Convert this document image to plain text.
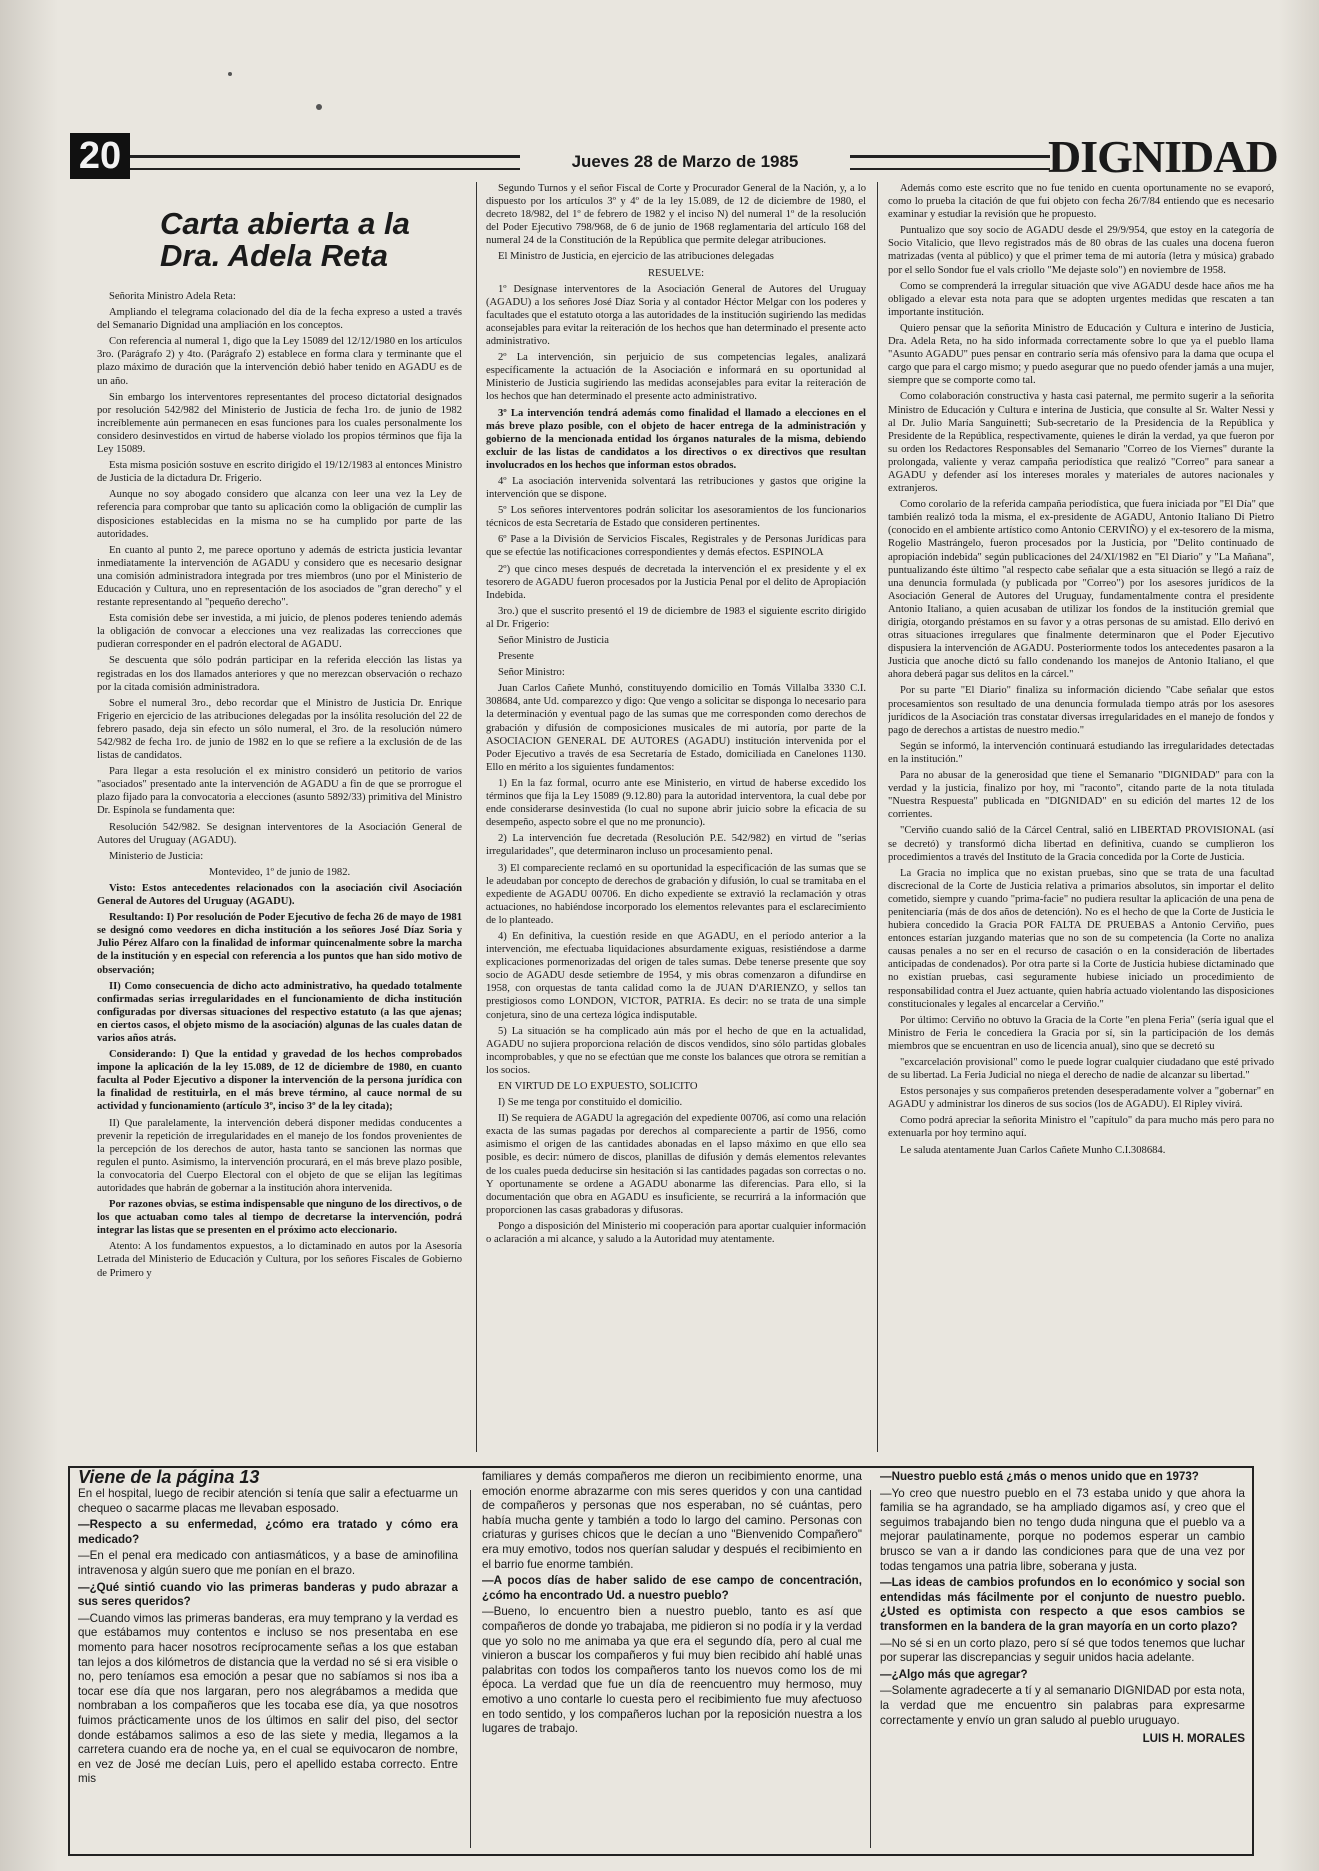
20	Jueves 28 de Marzo de 1985	DIGNIDAD
Carta abierta a la Dra. Adela Reta

Señorita Ministro Adela Reta:

Ampliando el telegrama colacionado del día de la fecha expreso a usted a través del Semanario Dignidad una ampliación en los conceptos.

Con referencia al numeral 1, digo que la Ley 15089 del 12/12/1980 en los artículos 3ro. (Parágrafo 2) y 4to. (Parágrafo 2) establece en forma clara y terminante que el plazo máximo de duración que la intervención debió haber tenido en AGADU es de un año.

Sin embargo los interventores representantes del proceso dictatorial designados por resolución 542/982 del Ministerio de Justicia de fecha 1ro. de junio de 1982 increíblemente aún permanecen en esas funciones para los cuales personalmente los considero desinvestidos en virtud de haberse violado los propios términos que fija la Ley 15089.

Esta misma posición sostuve en escrito dirigido el 19/12/1983 al entonces Ministro de Justicia de la dictadura Dr. Frigerio.

Aunque no soy abogado considero que alcanza con leer una vez la Ley de referencia para comprobar que tanto su aplicación como la obligación de cumplir las disposiciones establecidas en la misma no se ha cumplido por parte de las autoridades.

En cuanto al punto 2, me parece oportuno y además de estricta justicia levantar inmediatamente la intervención de AGADU y considero que es necesario designar una comisión administradora integrada por tres miembros (uno por el Ministerio de Educación y Cultura, uno en representación de los asociados de "gran derecho" y el restante representando al "pequeño derecho".

Esta comisión debe ser investida, a mi juicio, de plenos poderes teniendo además la obligación de convocar a elecciones una vez realizadas las correcciones que pudieran corresponder en el padrón electoral de AGADU.

Se descuenta que sólo podrán participar en la referida elección las listas ya registradas en los dos llamados anteriores y que no merezcan observación o rechazo por la citada comisión administradora.

Sobre el numeral 3ro., debo recordar que el Ministro de Justicia Dr. Enrique Frigerio en ejercicio de las atribuciones delegadas por la insólita resolución del 22 de febrero pasado, deja sin efecto un sólo numeral, el 3ro. de la resolución número 542/982 de fecha 1ro. de junio de 1982 en lo que se refiere a la exclusión de de las listas de candidatos.

Para llegar a esta resolución el ex ministro consideró un petitorio de varios "asociados" presentado ante la intervención de AGADU a fin de que se prorrogue el plazo fijado para la convocatoria a elecciones (asunto 5892/33) primitiva del Ministro Dr. Espínola se fundamenta que:

Resolución 542/982. Se designan interventores de la Asociación General de Autores del Uruguay (AGADU).

Ministerio de Justicia:

Montevideo, 1º de junio de 1982.

Visto: Estos antecedentes relacionados con la asociación civil Asociación General de Autores del Uruguay (AGADU).

Resultando: I) Por resolución de Poder Ejecutivo de fecha 26 de mayo de 1981 se designó como veedores en dicha institución a los señores José Díaz Soria y Julio Pérez Alfaro con la finalidad de informar quincenalmente sobre la marcha de la institución y en especial con referencia a los puntos que han sido motivo de observación;

II) Como consecuencia de dicho acto administrativo, ha quedado totalmente confirmadas serias irregularidades en el funcionamiento de dicha institución configuradas por diversas situaciones del respectivo estatuto (a las que ajenas; en ciertos casos, el objeto mismo de la asociación) algunas de las cuales datan de varios años atrás.

Considerando: I) Que la entidad y gravedad de los hechos comprobados impone la aplicación de la ley 15.089, de 12 de diciembre de 1980, en cuanto faculta al Poder Ejecutivo a disponer la intervención de la persona jurídica con la finalidad de restituirla, en el más breve término, al cauce normal de su actividad y funcionamiento (artículo 3º, inciso 3º de la ley citada);

II) Que paralelamente, la intervención deberá disponer medidas conducentes a prevenir la repetición de irregularidades en el manejo de los fondos provenientes de la percepción de los derechos de autor, hasta tanto se sancionen las normas que regulen el punto. Asimismo, la intervención procurará, en el más breve plazo posible, la convocatoria del Cuerpo Electoral con el objeto de que se elijan las legítimas autoridades que habrán de gobernar a la institución ahora intervenida.

Por razones obvias, se estima indispensable que ninguno de los directivos, o de los que actuaban como tales al tiempo de decretarse la intervención, podrá integrar las listas que se presenten en el próximo acto eleccionario.

Atento: A los fundamentos expuestos, a lo dictaminado en autos por la Asesoría Letrada del Ministerio de Educación y Cultura, por los señores Fiscales de Gobierno de Primero y

Segundo Turnos y el señor Fiscal de Corte y Procurador General de la Nación, y, a lo dispuesto por los artículos 3º y 4º de la ley 15.089, de 12 de diciembre de 1980, el decreto 18/982, del 1º de febrero de 1982 y el inciso N) del numeral 1º de la resolución del Poder Ejecutivo 798/968, de 6 de junio de 1968 reglamentaria del artículo 168 del numeral 24 de la Constitución de la República que permite delegar atribuciones.

El Ministro de Justicia, en ejercicio de las atribuciones delegadas

RESUELVE:

1º Desígnase interventores de la Asociación General de Autores del Uruguay (AGADU) a los señores José Díaz Soria y al contador Héctor Melgar con los poderes y facultades que el estatuto otorga a las autoridades de la institución sugiriendo las medidas aconsejables para evitar la reiteración de los hechos que han determinado el presente acto administrativo.

2º La intervención, sin perjuicio de sus competencias legales, analizará específicamente la actuación de la Asociación e informará en su oportunidad al Ministerio de Justicia sugiriendo las medidas aconsejables para evitar la reiteración de los hechos que han determinado el presente acto administrativo.

3º La intervención tendrá además como finalidad el llamado a elecciones en el más breve plazo posible, con el objeto de hacer entrega de la administración y gobierno de la mencionada entidad los órganos naturales de la misma, debiendo excluir de las listas de candidatos a los directivos o ex directivos que resultan involucrados en los hechos que informan estos obrados.

4º La asociación intervenida solventará las retribuciones y gastos que origine la intervención que se dispone.

5º Los señores interventores podrán solicitar los asesoramientos de los funcionarios técnicos de esta Secretaría de Estado que consideren pertinentes.

6º Pase a la División de Servicios Fiscales, Registrales y de Personas Jurídicas para que se efectúe las notificaciones correspondientes y demás efectos. ESPINOLA

2º) que cinco meses después de decretada la intervención el ex presidente y el ex tesorero de AGADU fueron procesados por la Justicia Penal por el delito de Apropiación Indebida.

3ro.) que el suscrito presentó el 19 de diciembre de 1983 el siguiente escrito dirigido al Dr. Frigerio:

Señor Ministro de Justicia

Presente

Señor Ministro:

Juan Carlos Cañete Munhó, constituyendo domicilio en Tomás Villalba 3330 C.I. 308684, ante Ud. comparezco y digo: Que vengo a solicitar se disponga lo necesario para la determinación y eventual pago de las sumas que me corresponden como derechos de grabación y difusión de composiciones musicales de mi autoría, por parte de la ASOCIACION GENERAL DE AUTORES (AGADU) institución intervenida por el Poder Ejecutivo a través de esa Secretaría de Estado, domiciliada en Canelones 1130. Ello en mérito a los siguientes fundamentos:

1) En la faz formal, ocurro ante ese Ministerio, en virtud de haberse excedido los términos que fija la Ley 15089 (9.12.80) para la autoridad interventora, la cual debe por ende considerarse desinvestida (lo cual no supone abrir juicio sobre la eficacia de su desempeño, aspecto sobre el que no me pronuncio).

2) La intervención fue decretada (Resolución P.E. 542/982) en virtud de "serias irregularidades", que determinaron incluso un procesamiento penal.

3) El compareciente reclamó en su oportunidad la especificación de las sumas que se le adeudaban por concepto de derechos de grabación y difusión, lo cual se tramitaba en el expediente de AGADU 00706. En dicho expediente se extravió la reclamación y otras actuaciones, no habiéndose incorporado los elementos relevantes para el esclarecimiento de lo planteado.

4) En definitiva, la cuestión reside en que AGADU, en el período anterior a la intervención, me efectuaba liquidaciones absurdamente exiguas, resistiéndose a darme explicaciones pormenorizadas del origen de tales sumas. Debe tenerse presente que soy socio de AGADU desde setiembre de 1954, y mis obras comenzaron a difundirse en 1958, con orquestas de tanta calidad como la de JUAN D'ARIENZO, y sellos tan prestigiosos como LONDON, VICTOR, PATRIA. Es decir: no se trata de una simple conjetura, sino de una certeza lógica indisputable.

5) La situación se ha complicado aún más por el hecho de que en la actualidad, AGADU no sujiera proporciona relación de discos vendidos, sino sólo partidas globales incomprobables, y que no se efectúan que me conste los balances que otrora se remitían a los socios.

EN VIRTUD DE LO EXPUESTO, SOLICITO

I) Se me tenga por constituido el domicilio.

II) Se requiera de AGADU la agregación del expediente 00706, así como una relación exacta de las sumas pagadas por derechos al compareciente a partir de 1956, como asimismo el origen de las cantidades abonadas en el lapso máximo en que ello sea posible, es decir: número de discos, planillas de difusión y demás elementos relevantes de los cuales pueda deducirse sin hesitación si las cantidades pagadas son correctas o no. Y oportunamente se ordene a AGADU abonarme las diferencias. Para ello, si la documentación que obra en AGADU es insuficiente, se recurrirá a la información que proporcionen las casas grabadoras y difusoras.

Pongo a disposición del Ministerio mi cooperación para aportar cualquier información o aclaración a mi alcance, y saludo a la Autoridad muy atentamente.

Además como este escrito que no fue tenido en cuenta oportunamente no se evaporó, como lo prueba la citación de que fui objeto con fecha 26/7/84 entiendo que es necesario examinar y estudiar la revisión que he propuesto.

Puntualizo que soy socio de AGADU desde el 29/9/954, que estoy en la categoría de Socio Vitalicio, que llevo registrados más de 80 obras de las cuales una docena fueron matrizadas (venta al público) y que el primer tema de mi autoría (letra y música) grabado por el sello Sondor fue el vals criollo "Me dejaste solo") en noviembre de 1958.

Como se comprenderá la irregular situación que vive AGADU desde hace años me ha obligado a elevar esta nota para que se adopten urgentes medidas que rescaten a tan importante institución.

Quiero pensar que la señorita Ministro de Educación y Cultura e interino de Justicia, Dra. Adela Reta, no ha sido informada correctamente sobre lo que ya el pueblo llama "Asunto AGADU" pues pensar en contrario sería más ofensivo para la dama que ocupa el cargo que para el cargo mismo; y puedo asegurar que no puedo ofender jamás a una mujer, siempre que se comporte como tal.

Como colaboración constructiva y hasta casi paternal, me permito sugerir a la señorita Ministro de Educación y Cultura e interina de Justicia, que consulte al Sr. Walter Nessi y al Dr. Julio María Sanguinetti; Sub-secretario de la Presidencia de la República y Presidente de la República, respectivamente, quienes le dirán la verdad, ya que fueron por su orden los Redactores Responsables del Semanario "Correo de los Viernes" durante la prolongada, valiente y veraz campaña periodística que realizó "Correo" para sanear a AGADU y defender así los intereses morales y materiales de autores nacionales y extranjeros.

Como corolario de la referida campaña periodística, que fuera iniciada por "El Día" que también realizó toda la misma, el ex-presidente de AGADU, Antonio Italiano Di Pietro (conocido en el ambiente artístico como Antonio CERVIÑO) y el ex-tesorero de la misma, Rogelio Mastrángelo, fueron procesados por la Justicia, por "Delito continuado de apropiación indebida" según publicaciones del 24/XI/1982 en "El Diario" y "La Mañana", puntualizando éste último "al respecto cabe señalar que a esta situación se llegó a raíz de una denuncia formulada (y publicada por "Correo") por los asesores jurídicos de la Asociación General de Autores del Uruguay, fundamentalmente contra el presidente Antonio Italiano, a quien acusaban de utilizar los fondos de la institución gremial que dirigía, otorgando préstamos en su favor y a otras personas de su amistad. Ello derivó en otras situaciones irregulares que finalmente determinaron que el Poder Ejecutivo dispusiera la intervención de AGADU. Posteriormente todos los antecedentes pasaron a la Justicia que anoche dictó su fallo condenando los manejos de Antonio Italiano, el que ahora deberá pagar sus delitos en la cárcel."

Por su parte "El Diario" finaliza su información diciendo "Cabe señalar que estos procesamientos son resultado de una denuncia formulada tiempo atrás por los asesores jurídicos de la Asociación tras constatar diversas irregularidades en el manejo de fondos y pago de derechos a artistas de nuestro medio."

Según se informó, la intervención continuará estudiando las irregularidades detectadas en la institución."

Para no abusar de la generosidad que tiene el Semanario "DIGNIDAD" para con la verdad y la justicia, finalizo por hoy, mi "raconto", citando parte de la nota titulada "Nuestra Respuesta" publicada en "DIGNIDAD" en su edición del martes 12 de los corrientes.

"Cerviño cuando salió de la Cárcel Central, salió en LIBERTAD PROVISIONAL (así se decretó) y transformó dicha libertad en definitiva, cuando se cumplieron los procedimientos a través del Instituto de la Gracia concedida por la Corte de Justicia.

La Gracia no implica que no existan pruebas, sino que se trata de una facultad discrecional de la Corte de Justicia relativa a primarios absolutos, sin importar el delito cometido, siempre y cuando "prima-facie" no pudiera resultar la aplicación de una pena de penitenciaría (más de dos años de detención). No es el hecho de que la Corte de Justicia le hubiera concedido la Gracia POR FALTA DE PRUEBAS a Antonio Cerviño, pues entonces estarían juzgando materias que no son de su competencia (la Corte no analiza causas penales a no ser en el recurso de casación o en la consideración de libertades anticipadas de condenados). Por otra parte si la Corte de Justicia hubiese dictaminado que no existían pruebas, casi seguramente hubiese iniciado un procedimiento de responsabilidad contra el Juez actuante, quien habría actuado violentando las disposiciones constitucionales y legales al encarcelar a Cerviño."

Por último: Cerviño no obtuvo la Gracia de la Corte "en plena Feria" (sería igual que el Ministro de Feria le concediera la Gracia por sí, sin la participación de los demás miembros que se encuentran en uso de licencia anual), sino que se decretó su

"excarcelación provisional" como le puede lograr cualquier ciudadano que esté privado de su libertad. La Feria Judicial no niega el derecho de nadie de alcanzar su libertad."

Estos personajes y sus compañeros pretenden desesperadamente volver a "gobernar" en AGADU y administrar los dineros de sus socios (los de AGADU). El Ripley vivirá.

Como podrá apreciar la señorita Ministro el "capítulo" da para mucho más pero para no extenuarla por hoy termino aquí.

Le saluda atentamente Juan Carlos Cañete Munho C.I.308684.

Viene de la página 13

En el hospital, luego de recibir atención si tenía que salir a efectuarme un chequeo o sacarme placas me llevaban esposado.

—Respecto a su enfermedad, ¿cómo era tratado y cómo era medicado?

—En el penal era medicado con antiasmáticos, y a base de aminofilina intravenosa y algún suero que me ponían en el brazo.

—¿Qué sintió cuando vio las primeras banderas y pudo abrazar a sus seres queridos?

—Cuando vimos las primeras banderas, era muy temprano y la verdad es que estábamos muy contentos e incluso se nos presentaba en ese momento para hacer nosotros recíprocamente señas a los que estaban tan lejos a dos kilómetros de distancia que la verdad no sé si era visible o no, pero teníamos esa emoción a pesar que no sabíamos si nos iba a tocar ese día que nos largaran, pero nos alegrábamos a medida que nombraban a los compañeros que les tocaba ese día, ya que nosotros fuimos prácticamente unos de los últimos en salir del piso, del sector donde estábamos salimos a eso de las siete y media, llegamos a la carretera cuando era de noche ya, en el cual se equivocaron de nombre, en vez de José me decían Luis, pero el apellido estaba correcto. Entre mis

familiares y demás compañeros me dieron un recibimiento enorme, una emoción enorme abrazarme con mis seres queridos y con una cantidad de compañeros y personas que nos esperaban, no sé cuántas, pero había mucha gente y también a todo lo largo del camino. Personas con criaturas y gurises chicos que le decían a uno "Bienvenido Compañero" era muy emotivo, todos nos querían saludar y después el recibimiento en el barrio fue enorme también.

—A pocos días de haber salido de ese campo de concentración, ¿cómo ha encontrado Ud. a nuestro pueblo?

—Bueno, lo encuentro bien a nuestro pueblo, tanto es así que compañeros de donde yo trabajaba, me pidieron si no podía ir y la verdad que yo solo no me animaba ya que era el segundo día, pero al cual me vinieron a buscar los compañeros y fui muy bien recibido ahí hablé unas palabritas con todos los compañeros tanto los nuevos como los de mi época. La verdad que fue un día de reencuentro muy hermoso, muy emotivo a uno contarle lo cuesta pero el recibimiento fue muy afectuoso en todo sentido, y los compañeros luchan por la reposición nuestra a los lugares de trabajo.

—Nuestro pueblo está ¿más o menos unido que en 1973?

—Yo creo que nuestro pueblo en el 73 estaba unido y que ahora la familia se ha agrandado, se ha ampliado digamos así, y creo que el seguimos trabajando bien no tengo duda ninguna que el pueblo va a mejorar paulatinamente, porque no podemos esperar un cambio brusco se van a ir dando las condiciones para que de una vez por todas tengamos una patria libre, soberana y justa.

—Las ideas de cambios profundos en lo económico y social son entendidas más fácilmente por el conjunto de nuestro pueblo. ¿Usted es optimista con respecto a que esos cambios se transformen en la bandera de la gran mayoría en un corto plazo?

—No sé si en un corto plazo, pero sí sé que todos tenemos que luchar por superar las discrepancias y seguir unidos hacia adelante.

—¿Algo más que agregar?

—Solamente agradecerte a tí y al semanario DIGNIDAD por esta nota, la verdad que me encuentro sin palabras para expresarme correctamente y envío un gran saludo al pueblo uruguayo.

LUIS H. MORALES
